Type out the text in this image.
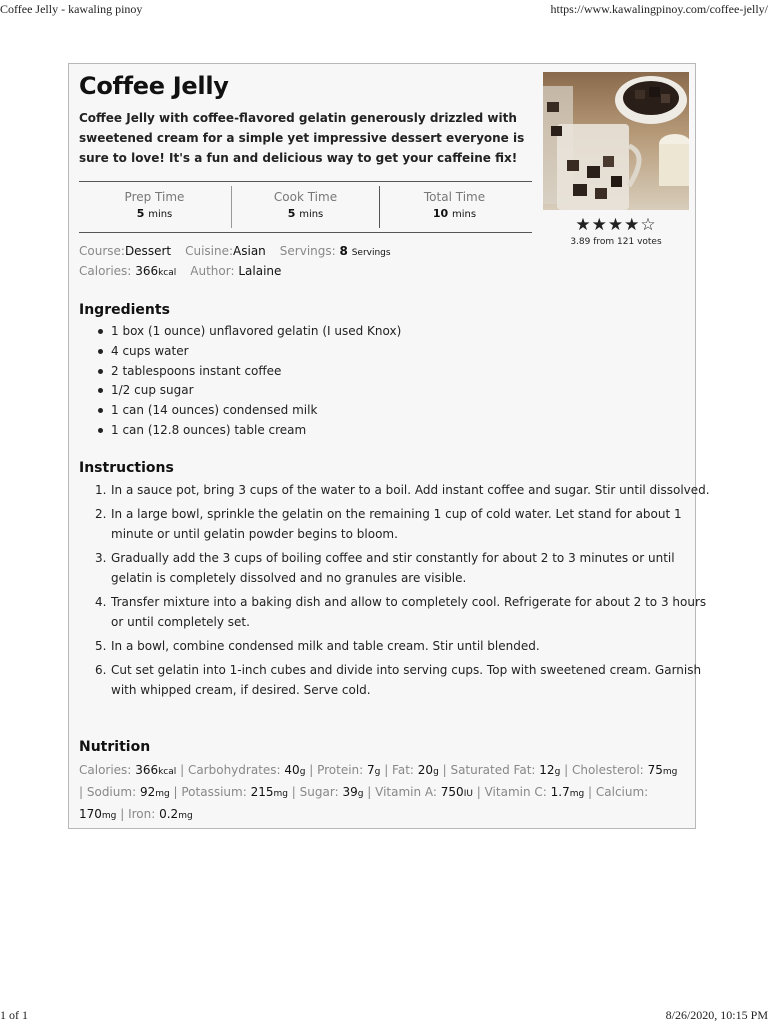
Coffee Jelly - kawaling pinoy	https://www.kawalingpinoy.com/coffee-jelly/
Coffee Jelly
Coffee Jelly with coffee-flavored gelatin generously drizzled with sweetened cream for a simple yet impressive dessert everyone is sure to love! It's a fun and delicious way to get your caffeine fix!
★★★★☆
3.89 from 121 votes
Prep Time
5 mins
Cook Time
5 mins
Total Time
10 mins
Course:Dessert Cuisine:Asian Servings: 8 Servings
Calories: 366kcal Author: Lalaine
Ingredients
1 box (1 ounce) unflavored gelatin (I used Knox)
4 cups water
2 tablespoons instant coffee
1/2 cup sugar
1 can (14 ounces) condensed milk
1 can (12.8 ounces) table cream
Instructions
In a sauce pot, bring 3 cups of the water to a boil. Add instant coffee and sugar. Stir until dissolved.
In a large bowl, sprinkle the gelatin on the remaining 1 cup of cold water. Let stand for about 1 minute or until gelatin powder begins to bloom.
Gradually add the 3 cups of boiling coffee and stir constantly for about 2 to 3 minutes or until gelatin is completely dissolved and no granules are visible.
Transfer mixture into a baking dish and allow to completely cool. Refrigerate for about 2 to 3 hours or until completely set.
In a bowl, combine condensed milk and table cream. Stir until blended.
Cut set gelatin into 1-inch cubes and divide into serving cups. Top with sweetened cream. Garnish with whipped cream, if desired. Serve cold.
Nutrition
Calories: 366kcal | Carbohydrates: 40g | Protein: 7g | Fat: 20g | Saturated Fat: 12g | Cholesterol: 75mg | Sodium: 92mg | Potassium: 215mg | Sugar: 39g | Vitamin A: 750IU | Vitamin C: 1.7mg | Calcium: 170mg | Iron: 0.2mg
1 of 1	8/26/2020, 10:15 PM
